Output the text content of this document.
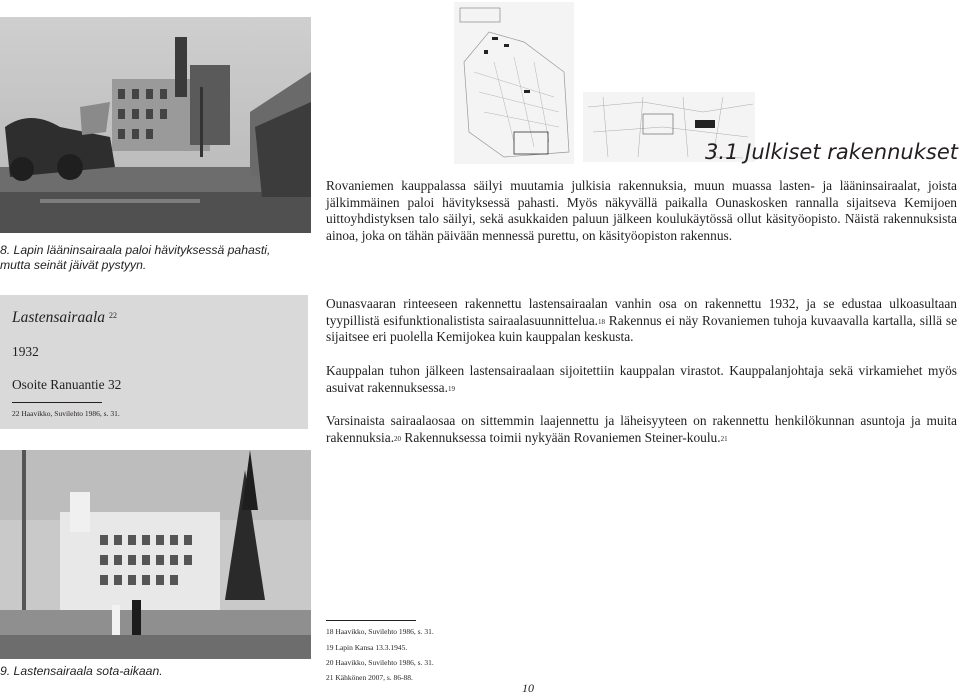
3.1 Julkiset rakennukset
8. Lapin lääninsairaala paloi hävityksessä pahasti, mutta seinät jäivät pystyyn.

Rovaniemen kauppalassa säilyi muutamia julkisia rakennuksia, muun muassa lasten- ja lääninsairaalat, joista jälkimmäinen paloi hävityksessä pahasti. Myös näkyvällä paikalla Ounaskosken rannalla sijaitseva Kemijoen uittoyhdistyksen talo säilyi, sekä asukkaiden paluun jälkeen koulukäytössä ollut käsityöopisto. Näistä rakennuksista ainoa, joka on tähän päivään mennessä purettu, on käsityöopiston rakennus.

Lastensairaala $^{22}$
1932
Osoite Ranuantie 32
22 Haavikko, Suvilehto 1986, s. 31.

Ounasvaaran rinteeseen rakennettu lastensairaalan vanhin osa on rakennettu 1932, ja se edustaa ulkoasultaan tyypillistä esifunktionalistista sairaalasuunnittelua.$^{18}$ Rakennus ei näy Rovaniemen tuhoja kuvaavalla kartalla, sillä se sijaitsee eri puolella Kemijokea kuin kauppalan keskusta.

Kauppalan tuhon jälkeen lastensairaalaan sijoitettiin kauppalan virastot. Kauppalanjohtaja sekä virkamiehet myös asuivat rakennuksessa.$^{19}$

Varsinaista sairaalaosaa on sittemmin laajennettu ja läheisyyteen on rakennettu henkilökunnan asuntoja ja muita rakennuksia.$^{20}$ Rakennuksessa toimii nykyään Rovaniemen Steiner-koulu.$^{21}$

9. Lastensairaala sota-aikaan.
18 Haavikko, Suvilehto 1986, s. 31.
19 Lapin Kansa 13.3.1945.
20 Haavikko, Suvilehto 1986, s. 31.
21 Kähkönen 2007, s. 86-88.
10
